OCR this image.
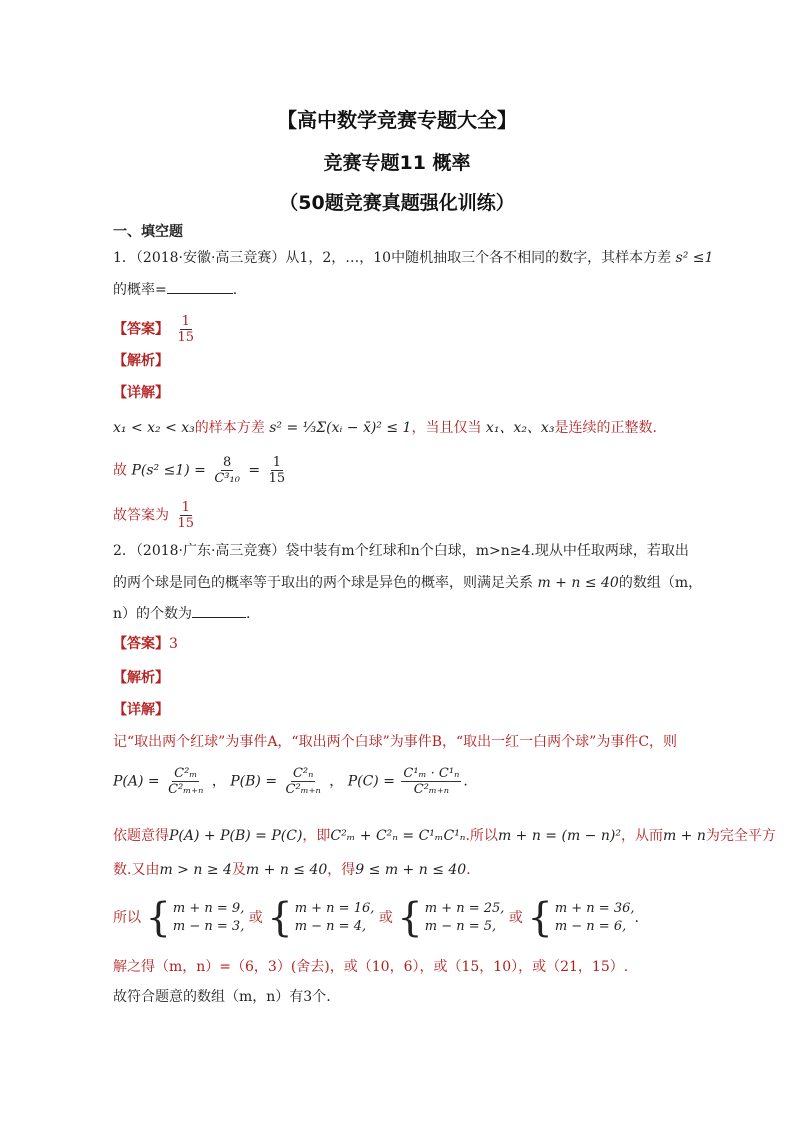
【高中数学竞赛专题大全】
竞赛专题11 概率
（50题竞赛真题强化训练）
一、填空题
1．（2018·安徽·高三竞赛）从1，2，…，10中随机抽取三个各不相同的数字，其样本方差 s² ≤1
的概率=	.
【答案】 $\frac{1}{15}$
【解析】
【详解】
x₁ < x₂ < x₃的样本方差 s² = ⅓Σ(xᵢ − x̄)² ≤ 1，当且仅当 x₁、x₂、x₃是连续的正整数.
故 $P(s^2 \le 1) = \frac{8}{\text{C³₁₀}} = \frac{1}{15}$
故答案为 $\frac{1}{15}$
2．（2018·广东·高三竞赛）袋中装有m个红球和n个白球，m>n≥4.现从中任取两球，若取出
的两个球是同色的概率等于取出的两个球是异色的概率，则满足关系 m + n ≤ 40的数组（m，
n）的个数为	.
【答案】3
【解析】
【详解】
记“取出两个红球”为事件A，“取出两个白球”为事件B，“取出一红一白两个球”为事件C，则
$P(A) = \frac{\text{C²ₘ}}{\text{C²ₘ₊ₙ}}$ ， $P(B) = \frac{\text{C²ₙ}}{\text{C²ₘ₊ₙ}}$ ， $P(C) = \frac{\text{C¹ₘ · C¹ₙ}}{\text{C²ₘ₊ₙ}}$ .
依题意得P(A) + P(B) = P(C)，即C²ₘ + C²ₙ = C¹ₘC¹ₙ.所以m + n = (m − n)²，从而m + n为完全平方
数.又由m > n ≥ 4及m + n ≤ 40，得9 ≤ m + n ≤ 40.
所以 { m + n = 9,
m − n = 3,
或 { m + n = 16,
m − n = 4,
或 { m + n = 25,
m − n = 5,
或 { m + n = 36,
m − n = 6,
.
解之得（m，n）=（6，3）(舍去)，或（10，6），或（15，10），或（21，15）.
故符合题意的数组（m，n）有3个.
